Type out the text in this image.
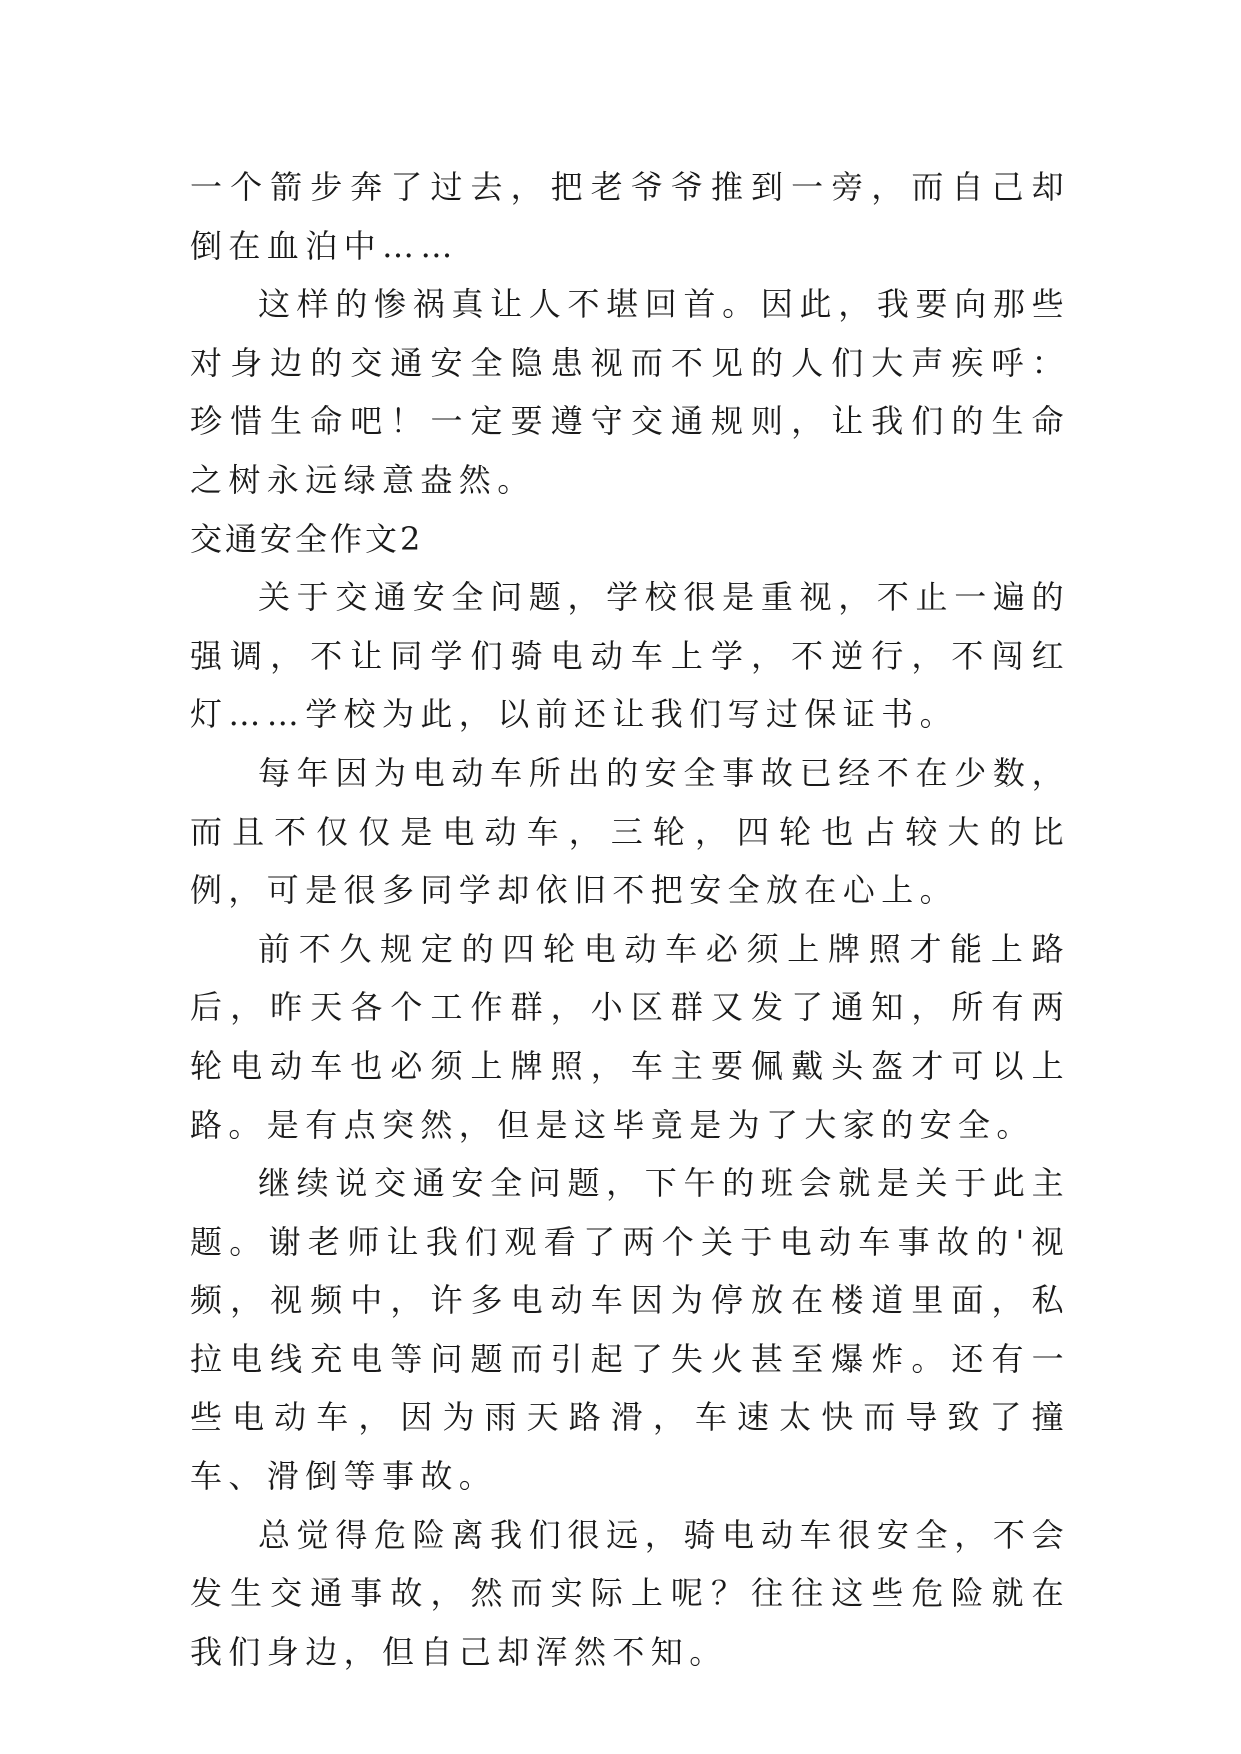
一个箭步奔了过去，把老爷爷推到一旁，而自己却倒在血泊中……

这样的惨祸真让人不堪回首。因此，我要向那些对身边的交通安全隐患视而不见的人们大声疾呼：珍惜生命吧！一定要遵守交通规则，让我们的生命之树永远绿意盎然。

交通安全作文2

关于交通安全问题，学校很是重视，不止一遍的强调，不让同学们骑电动车上学，不逆行，不闯红灯……学校为此，以前还让我们写过保证书。

每年因为电动车所出的安全事故已经不在少数，而且不仅仅是电动车，三轮，四轮也占较大的比例，可是很多同学却依旧不把安全放在心上。

前不久规定的四轮电动车必须上牌照才能上路后，昨天各个工作群，小区群又发了通知，所有两轮电动车也必须上牌照，车主要佩戴头盔才可以上路。是有点突然，但是这毕竟是为了大家的安全。

继续说交通安全问题，下午的班会就是关于此主题。谢老师让我们观看了两个关于电动车事故的'视频，视频中，许多电动车因为停放在楼道里面，私拉电线充电等问题而引起了失火甚至爆炸。还有一些电动车，因为雨天路滑，车速太快而导致了撞车、滑倒等事故。

总觉得危险离我们很远，骑电动车很安全，不会发生交通事故，然而实际上呢？往往这些危险就在我们身边，但自己却浑然不知。
